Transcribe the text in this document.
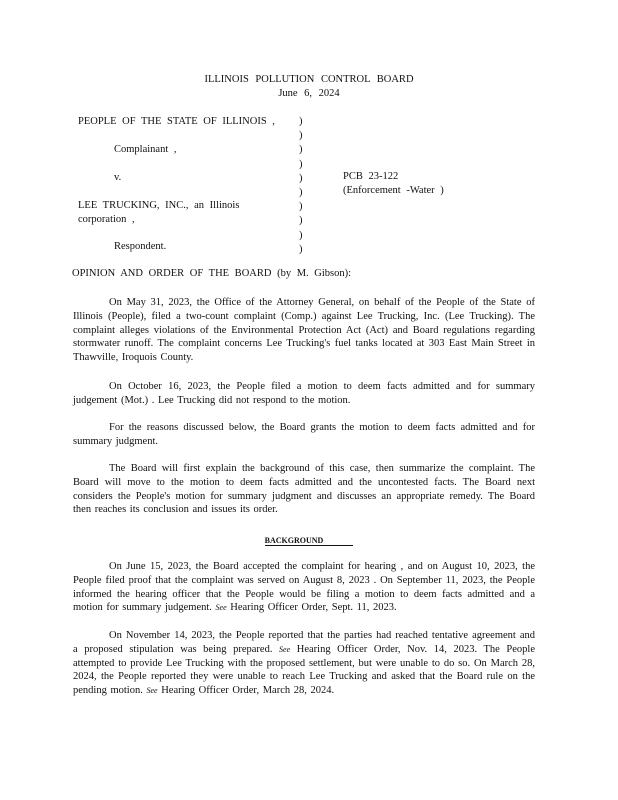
ILLINOIS POLLUTION CONTROL BOARD
June 6, 2024
PEOPLE OF THE STATE OF ILLINOIS ,
Complainant ,
v.
LEE TRUCKING, INC., an Illinois
corporation ,
Respondent.
)
)
)
)
)
)
)
)
)
)
PCB 23-122
(Enforcement -Water )
OPINION AND ORDER OF THE BOARD (by M. Gibson):
On May 31, 2023, the Office of the Attorney General, on behalf of the People of the State of Illinois (People), filed a two-count complaint (Comp.) against Lee Trucking, Inc. (Lee Trucking). The complaint alleges violations of the Environmental Protection Act (Act) and Board regulations regarding stormwater runoff. The complaint concerns Lee Trucking's fuel tanks located at 303 East Main Street in Thawville, Iroquois County.
On October 16, 2023, the People filed a motion to deem facts admitted and for summary judgement (Mot.) . Lee Trucking did not respond to the motion.
For the reasons discussed below, the Board grants the motion to deem facts admitted and for summary judgment.
The Board will first explain the background of this case, then summarize the complaint. The Board will move to the motion to deem facts admitted and the uncontested facts. The Board next considers the People's motion for summary judgment and discusses an appropriate remedy. The Board then reaches its conclusion and issues its order.
BACKGROUND
On June 15, 2023, the Board accepted the complaint for hearing , and on August 10, 2023, the People filed proof that the complaint was served on August 8, 2023 . On September 11, 2023, the People informed the hearing officer that the People would be filing a motion to deem facts admitted and a motion for summary judgement. See Hearing Officer Order, Sept. 11, 2023.
On November 14, 2023, the People reported that the parties had reached tentative agreement and a proposed stipulation was being prepared. See Hearing Officer Order, Nov. 14, 2023. The People attempted to provide Lee Trucking with the proposed settlement, but were unable to do so. On March 28, 2024, the People reported they were unable to reach Lee Trucking and asked that the Board rule on the pending motion. See Hearing Officer Order, March 28, 2024.
